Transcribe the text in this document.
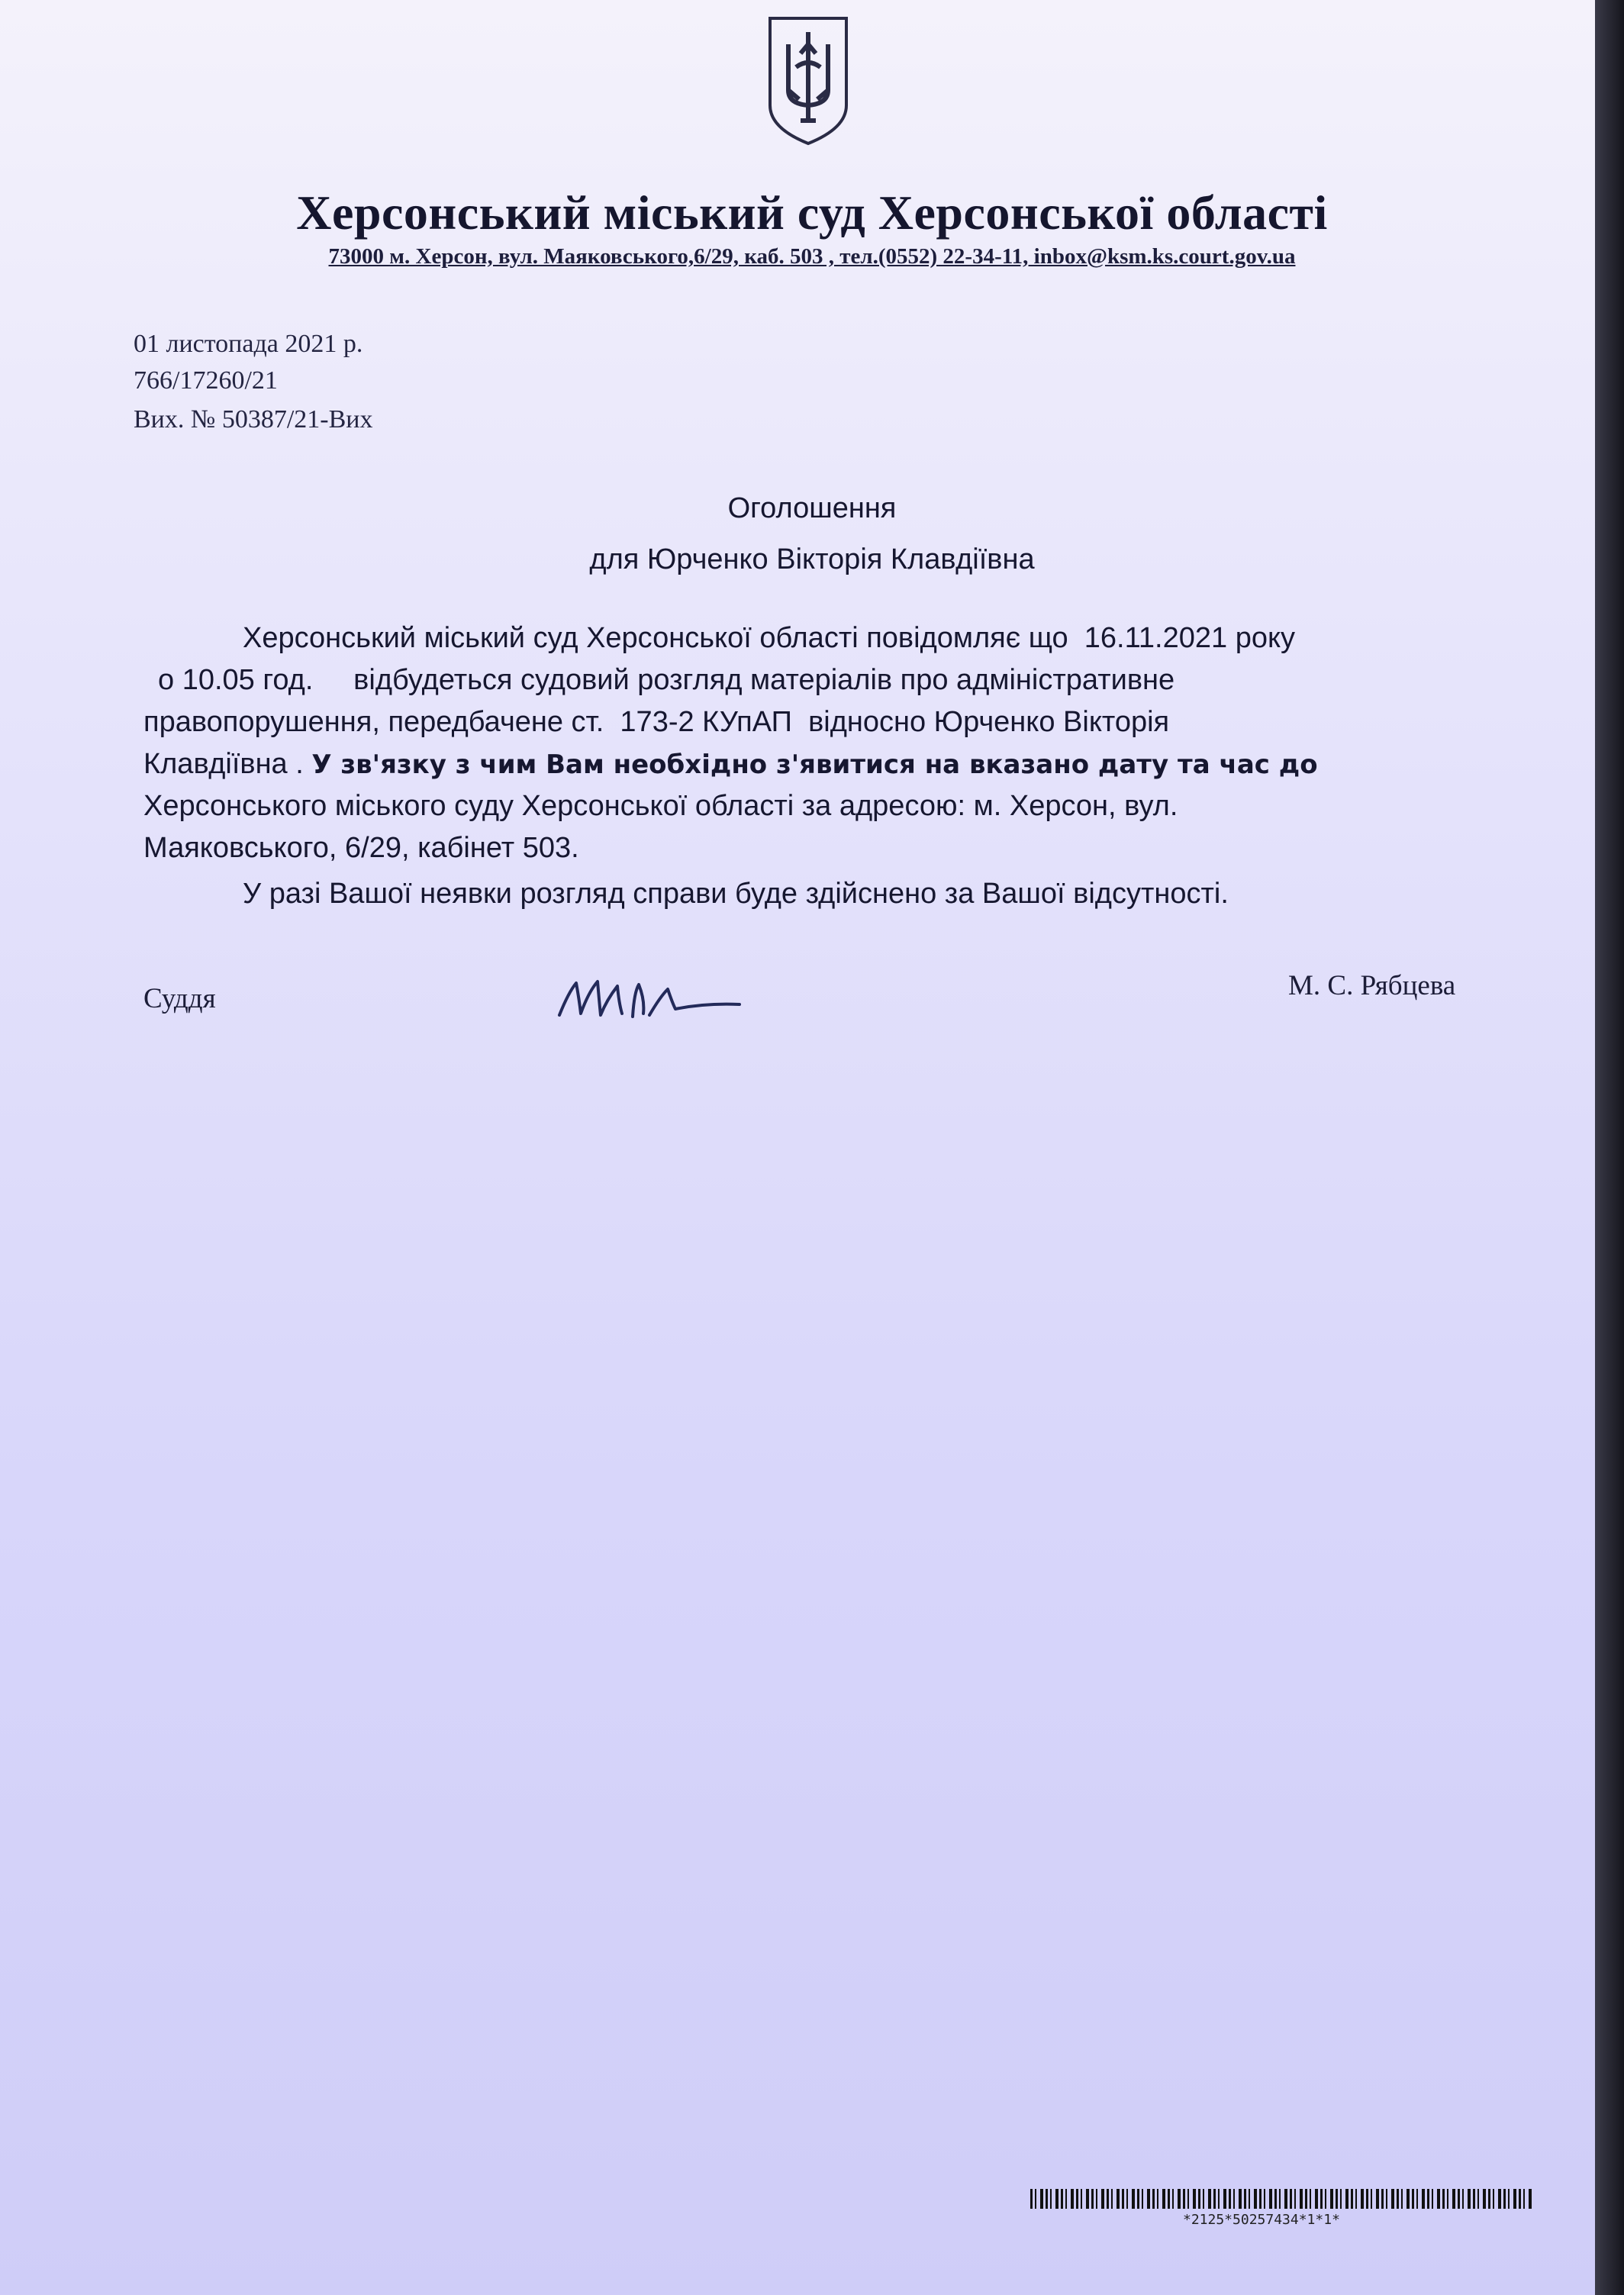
Херсонський міський суд Херсонської області
73000 м. Херсон, вул. Маяковського,6/29, каб. 503 , тел.(0552) 22-34-11, inbox@ksm.ks.court.gov.ua
01 листопада 2021 р.
766/17260/21
Вих. № 50387/21-Вих
Оголошення
для Юрченко Вікторія Клавдіївна
Херсонський міський суд Херсонської області повідомляє що  16.11.2021 року
о 10.05 год.     відбудеться судовий розгляд матеріалів про адміністративне
правопорушення, передбачене ст.  173-2 КУпАП  відносно Юрченко Вікторія
Клавдіївна . У зв'язку з чим Вам необхідно з'явитися на вказано дату та час до
Херсонського міського суду Херсонської області за адресою: м. Херсон, вул.
Маяковського, 6/29, кабінет 503.
У разі Вашої неявки розгляд справи буде здійснено за Вашої відсутності.
Суддя	М. С. Рябцева
*2125*50257434*1*1*
